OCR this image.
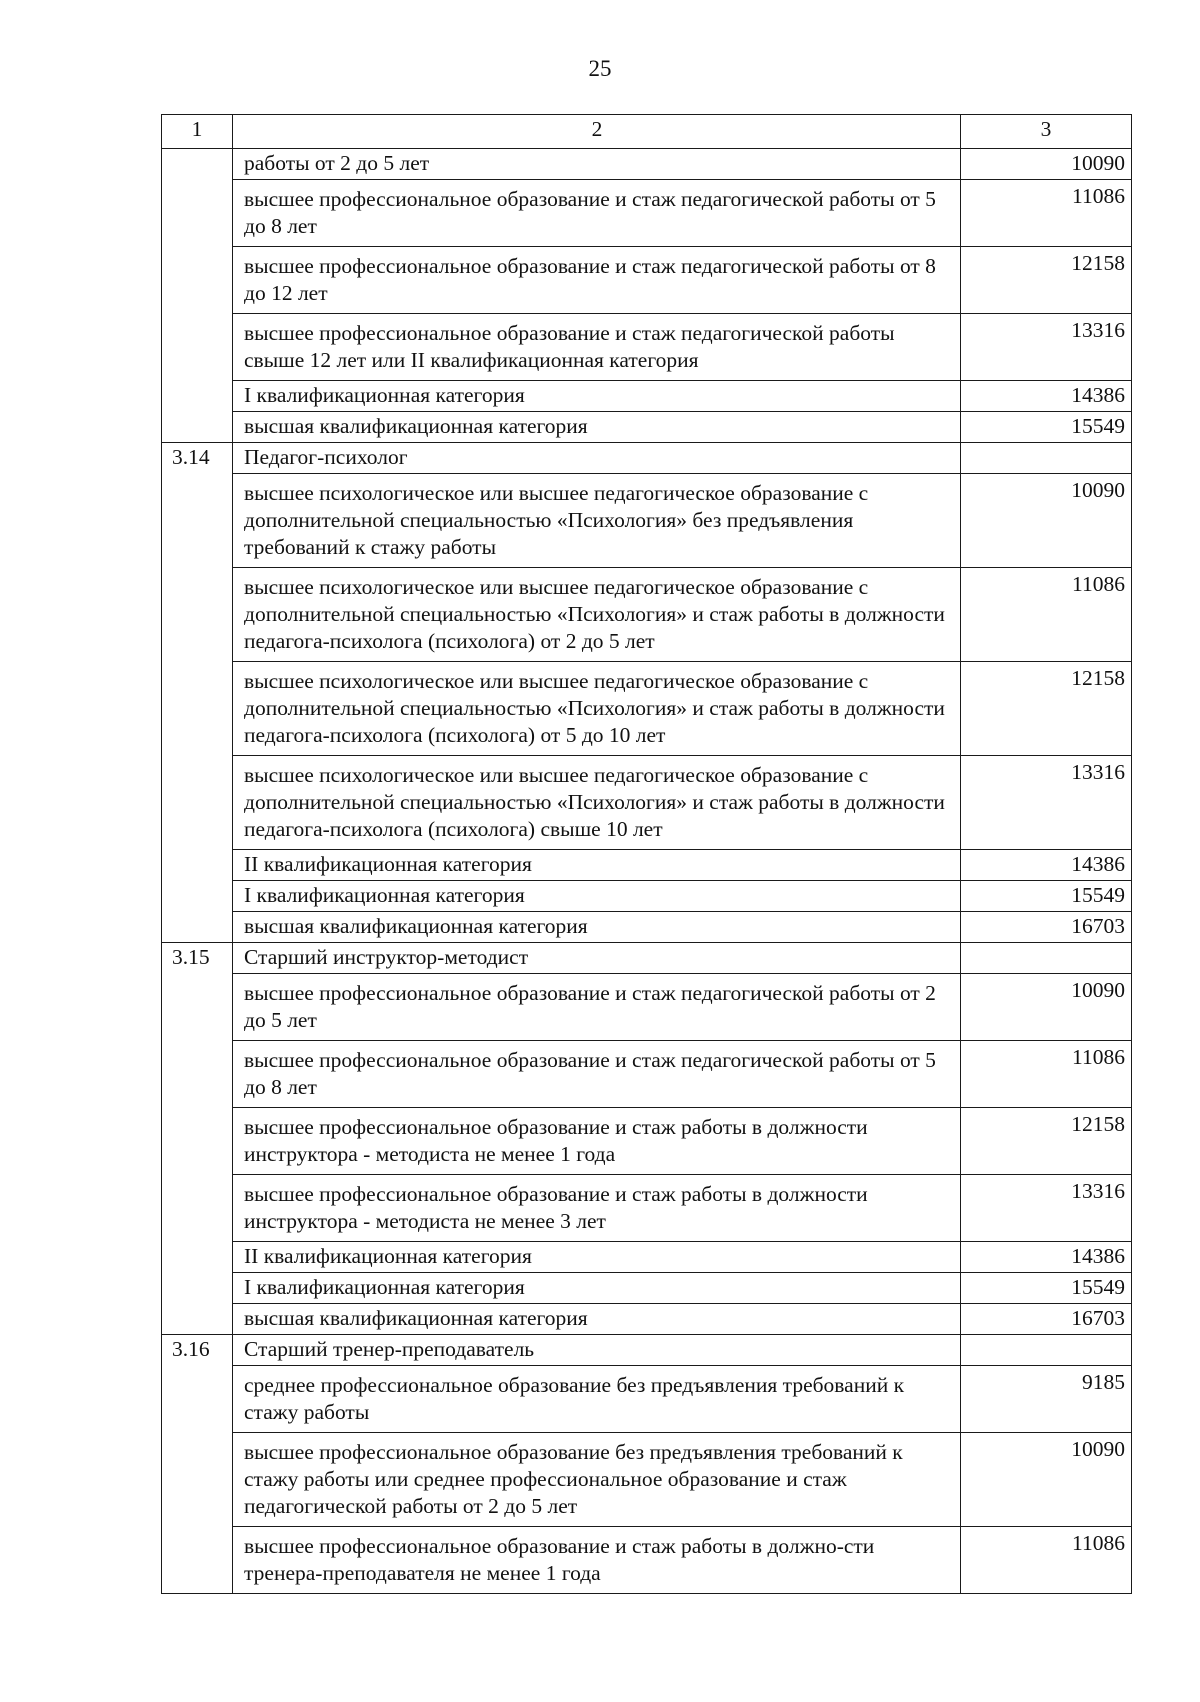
25
1	2	3
	работы от 2 до 5 лет	10090
	высшее профессиональное образование и стаж педагогической работы от 5 до 8 лет	11086
	высшее профессиональное образование и стаж педагогической работы от 8 до 12 лет	12158
	высшее профессиональное образование и стаж педагогической работы свыше 12 лет или II квалификационная категория	13316
	I квалификационная категория	14386
	высшая квалификационная категория	15549
3.14	Педагог-психолог	
	высшее психологическое или высшее педагогическое образование с дополнительной специальностью «Психология» без предъявления требований к стажу работы	10090
	высшее психологическое или высшее педагогическое образование с дополнительной специальностью «Психология» и стаж работы в должности педагога-психолога (психолога) от 2 до 5 лет	11086
	высшее психологическое или высшее педагогическое образование с дополнительной специальностью «Психология» и стаж работы в должности педагога-психолога (психолога) от 5 до 10 лет	12158
	высшее психологическое или высшее педагогическое образование с дополнительной специальностью «Психология» и стаж работы в должности педагога-психолога (психолога) свыше 10 лет	13316
	II квалификационная категория	14386
	I квалификационная категория	15549
	высшая квалификационная категория	16703
3.15	Старший инструктор-методист	
	высшее профессиональное образование и стаж педагогической работы от 2 до 5 лет	10090
	высшее профессиональное образование и стаж педагогической работы от 5 до 8 лет	11086
	высшее профессиональное образование и стаж работы в должности инструктора - методиста не менее 1 года	12158
	высшее профессиональное образование и стаж работы в должности инструктора - методиста не менее 3 лет	13316
	II квалификационная категория	14386
	I квалификационная категория	15549
	высшая квалификационная категория	16703
3.16	Старший тренер-преподаватель	
	среднее профессиональное образование без предъявления требований к стажу работы	9185
	высшее профессиональное образование без предъявления требований к стажу работы или среднее профессиональное образование и стаж педагогической работы от 2 до 5 лет	10090
	высшее профессиональное образование и стаж работы в должно-сти тренера-преподавателя не менее 1 года	11086
